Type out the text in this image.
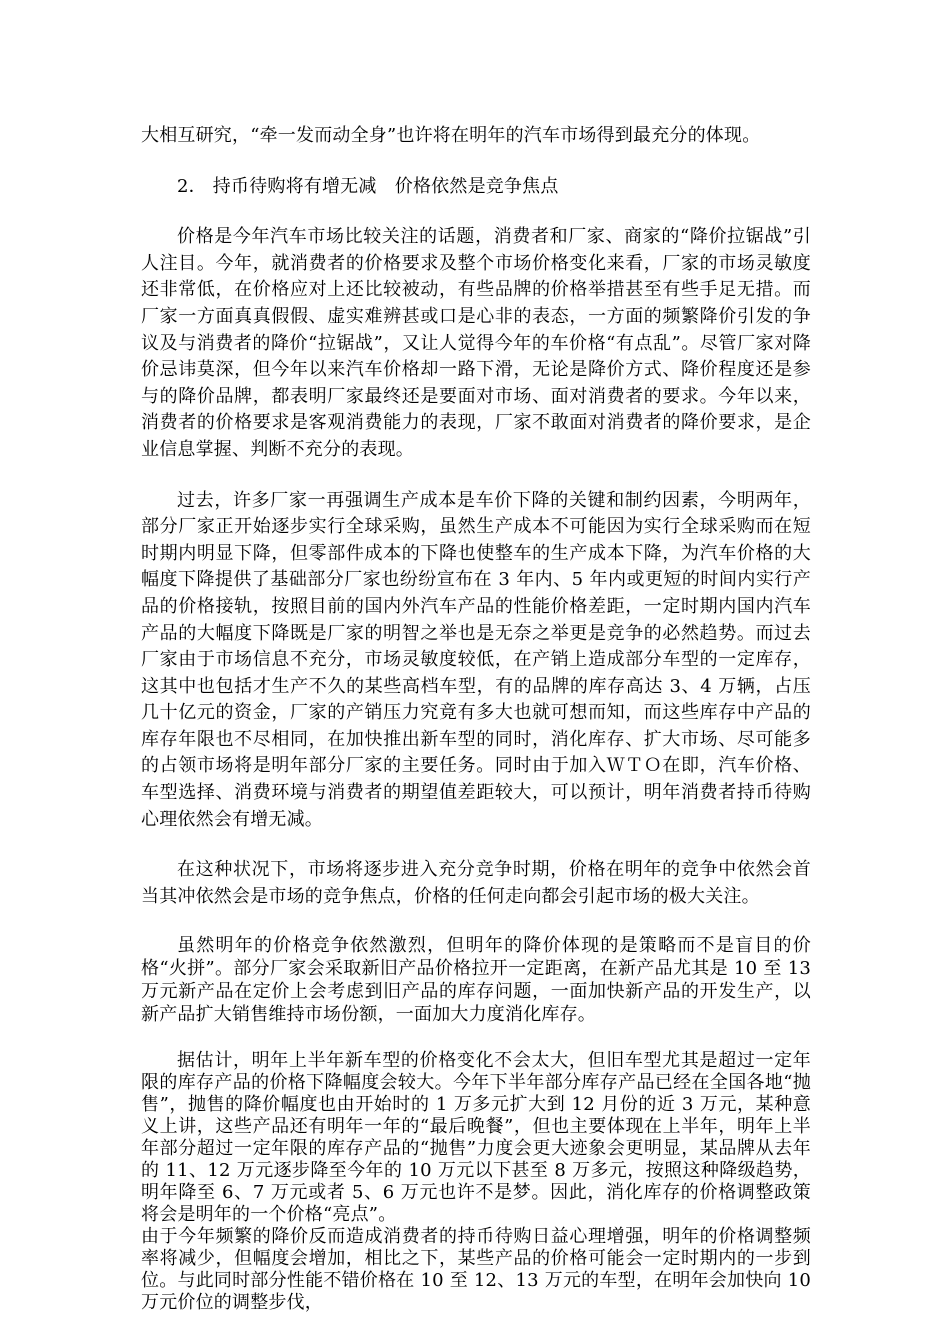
大相互研究，“牵一发而动全身”也许将在明年的汽车市场得到最充分的体现。

2． 持币待购将有增无减　价格依然是竞争焦点

价格是今年汽车市场比较关注的话题，消费者和厂家、商家的“降价拉锯战”引人注目。今年，就消费者的价格要求及整个市场价格变化来看，厂家的市场灵敏度还非常低，在价格应对上还比较被动，有些品牌的价格举措甚至有些手足无措。而厂家一方面真真假假、虚实难辨甚或口是心非的表态，一方面的频繁降价引发的争议及与消费者的降价“拉锯战”，又让人觉得今年的车价格“有点乱”。尽管厂家对降价忌讳莫深，但今年以来汽车价格却一路下滑，无论是降价方式、降价程度还是参与的降价品牌，都表明厂家最终还是要面对市场、面对消费者的要求。今年以来，消费者的价格要求是客观消费能力的表现，厂家不敢面对消费者的降价要求，是企业信息掌握、判断不充分的表现。

过去，许多厂家一再强调生产成本是车价下降的关键和制约因素，今明两年，部分厂家正开始逐步实行全球采购，虽然生产成本不可能因为实行全球采购而在短时期内明显下降，但零部件成本的下降也使整车的生产成本下降，为汽车价格的大幅度下降提供了基础部分厂家也纷纷宣布在 3 年内、5 年内或更短的时间内实行产品的价格接轨，按照目前的国内外汽车产品的性能价格差距，一定时期内国内汽车产品的大幅度下降既是厂家的明智之举也是无奈之举更是竞争的必然趋势。而过去厂家由于市场信息不充分，市场灵敏度较低，在产销上造成部分车型的一定库存，这其中也包括才生产不久的某些高档车型，有的品牌的库存高达 3、4 万辆，占压几十亿元的资金，厂家的产销压力究竟有多大也就可想而知，而这些库存中产品的库存年限也不尽相同，在加快推出新车型的同时，消化库存、扩大市场、尽可能多的占领市场将是明年部分厂家的主要任务。同时由于加入ＷＴＯ在即，汽车价格、车型选择、消费环境与消费者的期望值差距较大，可以预计，明年消费者持币待购心理依然会有增无减。

在这种状况下，市场将逐步进入充分竞争时期，价格在明年的竞争中依然会首当其冲依然会是市场的竞争焦点，价格的任何走向都会引起市场的极大关注。

虽然明年的价格竞争依然激烈，但明年的降价体现的是策略而不是盲目的价格“火拼”。部分厂家会采取新旧产品价格拉开一定距离，在新产品尤其是 10 至 13 万元新产品在定价上会考虑到旧产品的库存问题，一面加快新产品的开发生产，以新产品扩大销售维持市场份额，一面加大力度消化库存。

据估计，明年上半年新车型的价格变化不会太大，但旧车型尤其是超过一定年限的库存产品的价格下降幅度会较大。今年下半年部分库存产品已经在全国各地“抛售”，抛售的降价幅度也由开始时的 1 万多元扩大到 12 月份的近 3 万元，某种意义上讲，这些产品还有明年一年的“最后晚餐”，但也主要体现在上半年，明年上半年部分超过一定年限的库存产品的“抛售”力度会更大迹象会更明显，某品牌从去年的 11、12 万元逐步降至今年的 10 万元以下甚至 8 万多元，按照这种降级趋势，明年降至 6、7 万元或者 5、6 万元也许不是梦。因此，消化库存的价格调整政策将会是明年的一个价格“亮点”。

由于今年频繁的降价反而造成消费者的持币待购日益心理增强，明年的价格调整频率将减少，但幅度会增加，相比之下，某些产品的价格可能会一定时期内的一步到位。与此同时部分性能不错价格在 10 至 12、13 万元的车型，在明年会加快向 10 万元价位的调整步伐，
